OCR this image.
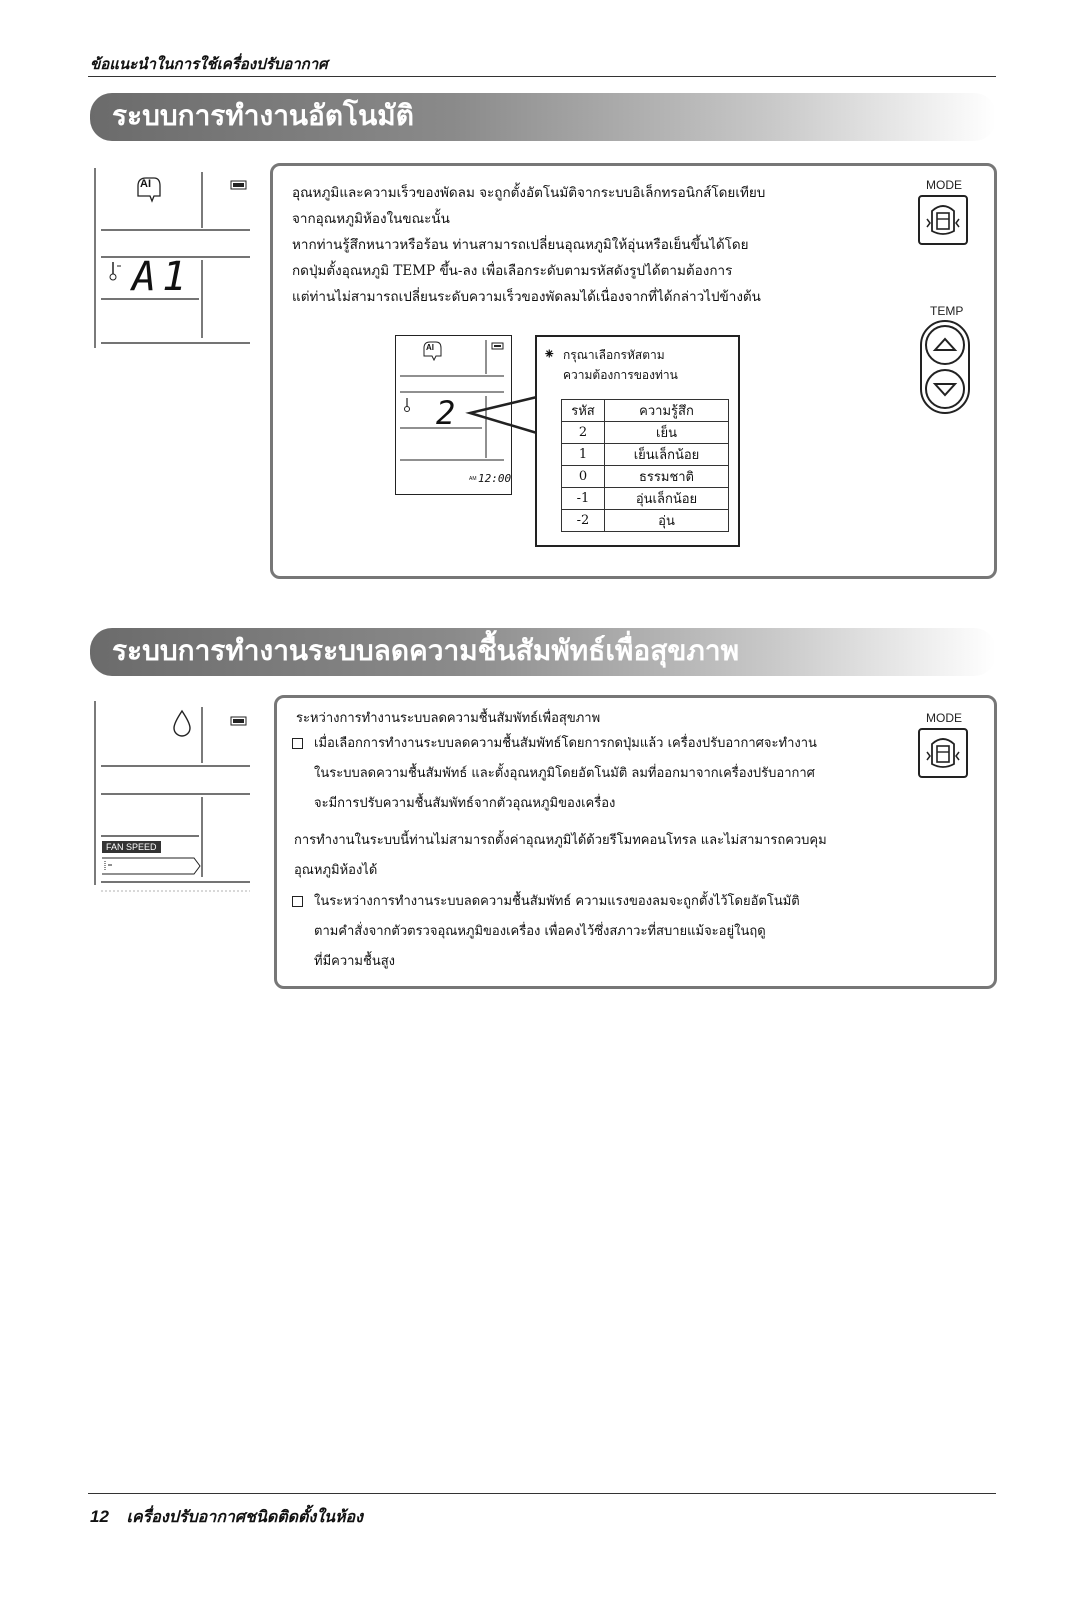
ข้อแนะนำในการใช้เครื่องปรับอากาศ
ระบบการทำงานอัตโนมัติ
AI
A1
อุณหภูมิและความเร็วของพัดลม จะถูกตั้งอัตโนมัติจากระบบอิเล็กทรอนิกส์โดยเทียบ
จากอุณหภูมิห้องในขณะนั้น
หากท่านรู้สึกหนาวหรือร้อน ท่านสามารถเปลี่ยนอุณหภูมิให้อุ่นหรือเย็นขึ้นได้โดย
กดปุ่มตั้งอุณหภูมิ TEMP ขึ้น-ลง เพื่อเลือกระดับตามรหัสดังรูปได้ตามต้องการ
แต่ท่านไม่สามารถเปลี่ยนระดับความเร็วของพัดลมได้เนื่องจากที่ได้กล่าวไปข้างต้น
MODE
TEMP
AI
2
AM 12:00
⁕ กรุณาเลือกรหัสตาม
ความต้องการของท่าน
รหัส	ความรู้สึก
2	เย็น
1	เย็นเล็กน้อย
0	ธรรมชาติ
-1	อุ่นเล็กน้อย
-2	อุ่น
ระบบการทำงานระบบลดความชื้นสัมพัทธ์เพื่อสุขภาพ
FAN SPEED
ระหว่างการทำงานระบบลดความชื้นสัมพัทธ์เพื่อสุขภาพ
เมื่อเลือกการทำงานระบบลดความชื้นสัมพัทธ์โดยการกดปุ่มแล้ว เครื่องปรับอากาศจะทำงาน
ในระบบลดความชื้นสัมพัทธ์ และตั้งอุณหภูมิโดยอัตโนมัติ ลมที่ออกมาจากเครื่องปรับอากาศ
จะมีการปรับความชื้นสัมพัทธ์จากตัวอุณหภูมิของเครื่อง
การทำงานในระบบนี้ท่านไม่สามารถตั้งค่าอุณหภูมิได้ด้วยรีโมทคอนโทรล และไม่สามารถควบคุม
อุณหภูมิห้องได้
ในระหว่างการทำงานระบบลดความชื้นสัมพัทธ์ ความแรงของลมจะถูกตั้งไว้โดยอัตโนมัติ
ตามคำสั่งจากตัวตรวจอุณหภูมิของเครื่อง เพื่อคงไว้ซึ่งสภาวะที่สบายแม้จะอยู่ในฤดู
ที่มีความชื้นสูง
MODE
12 เครื่องปรับอากาศชนิดติดตั้งในห้อง
